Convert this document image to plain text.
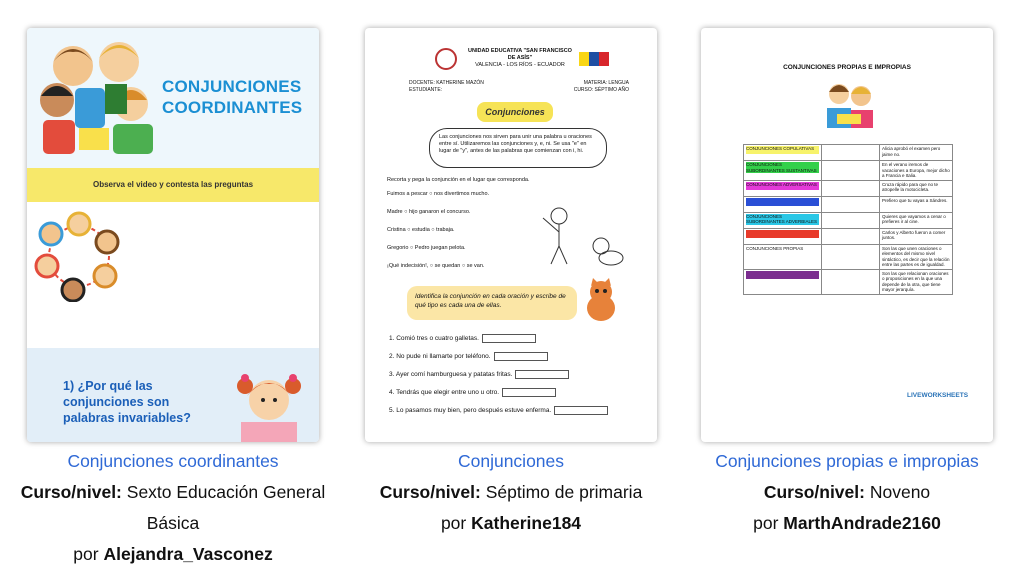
CONJUNCIONES COORDINANTES
Observa el video y contesta las preguntas
1) ¿Por qué las conjunciones son palabras invariables?
Conjunciones coordinantes
Curso/nivel: Sexto Educación General Básica
por Alejandra_Vasconez
UNIDAD EDUCATIVA "SAN FRANCISCO DE ASÍS"
VALENCIA - LOS RÍOS - ECUADOR
DOCENTE: KATHERINE MAZÓN	MATERIA: LENGUA
ESTUDIANTE:	CURSO: SÉPTIMO AÑO
Conjunciones
Las conjunciones nos sirven para unir una palabra u oraciones entre sí. Utilizaremos las conjunciones y, e, ni. Se usa "e" en lugar de "y", antes de las palabras que comienzan con i, hi.
Recorta y pega la conjunción en el lugar que corresponda.
Fuimos a pescar ○ nos divertimos mucho.
Madre ○ hijo ganaron el concurso.
Cristina ○ estudia ○ trabaja.
Gregorio ○ Pedro juegan pelota.
¡Qué indecisión!, ○ se quedan ○ se van.
Identifica la conjunción en cada oración y escribe de qué tipo es cada una de ellas.
1. Comió tres o cuatro galletas.
2. No pude ni llamarte por teléfono.
3. Ayer comí hamburguesa y patatas fritas.
4. Tendrás que elegir entre uno u otro.
5. Lo pasamos muy bien, pero después estuve enferma.
Conjunciones
Curso/nivel: Séptimo de primaria
por Katherine184
CONJUNCIONES PROPIAS E IMPROPIAS
CONJUNCIONES COPULATIVAS		Alicia aprobó el examen pero jaime no.

CONJUNCIONES SUBORDINANTES SUSTANTIVAS		En el verano iremos de vacaciones a Europa, mejor dicho a Francia e Italia.

CONJUNCIONES ADVERSATIVAS		Cruza rápido para que no te atropelle la motocicleta.

		Prefiero que tu vayas a Sándres.

CONJUNCIONES SUBORDINANTES ADVERBIALES		Quieres que vayamos a cenar o prefieres ir al cine.

		Carlos y Alberto fueron a comer juntos.

CONJUNCIONES PROPIAS		Son las que unen oraciones o elementos del mismo nivel sintáctico, es decir que la relación entre las partes es de igualdad.

		Son las que relacionan oraciones o proposiciones en la que una depende de la otra, que tiene mayor jerarquía.
LIVEWORKSHEETS
Conjunciones propias e impropias
Curso/nivel: Noveno
por MarthAndrade2160
